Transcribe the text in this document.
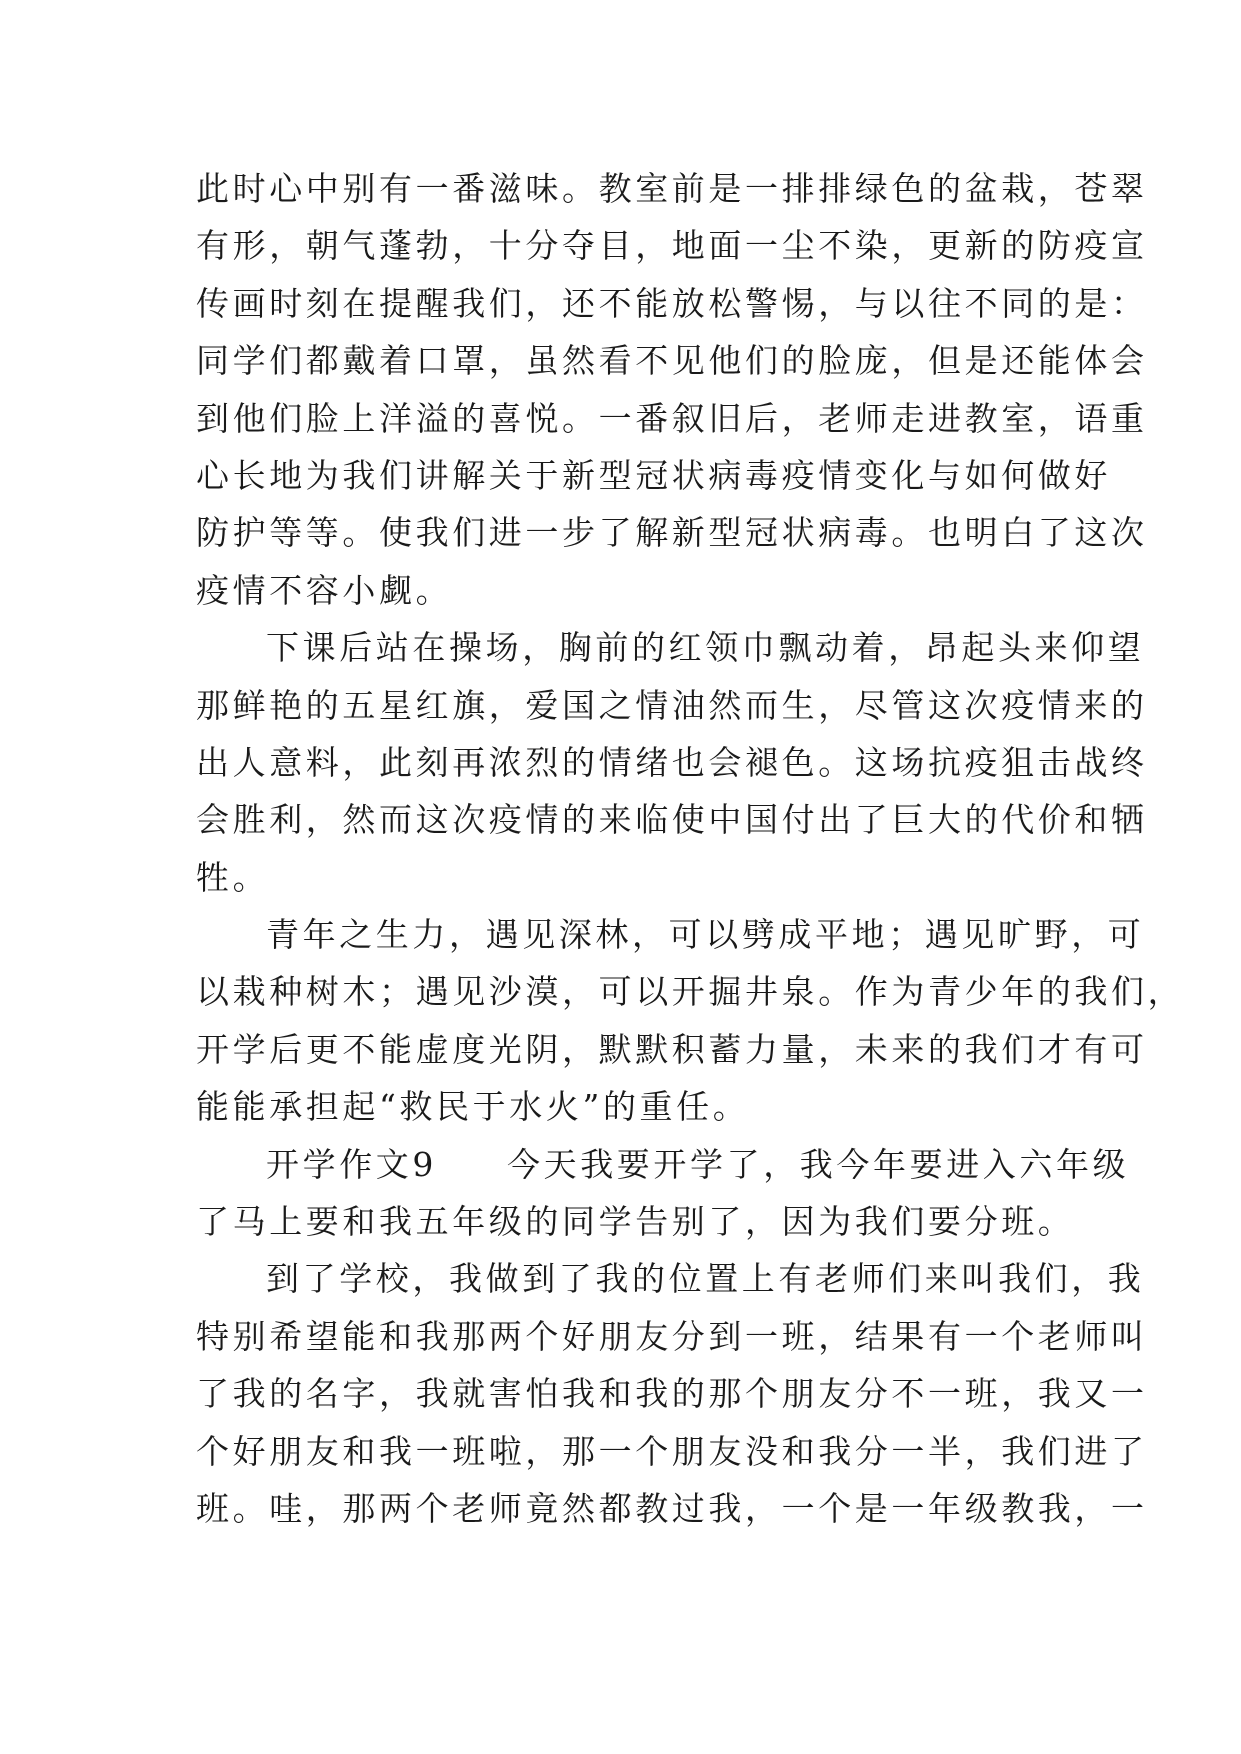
此时心中别有一番滋味。教室前是一排排绿色的盆栽，苍翠
有形，朝气蓬勃，十分夺目，地面一尘不染，更新的防疫宣
传画时刻在提醒我们，还不能放松警惕，与以往不同的是：
同学们都戴着口罩，虽然看不见他们的脸庞，但是还能体会
到他们脸上洋溢的喜悦。一番叙旧后，老师走进教室，语重
心长地为我们讲解关于新型冠状病毒疫情变化与如何做好
防护等等。使我们进一步了解新型冠状病毒。也明白了这次
疫情不容小觑。
下课后站在操场，胸前的红领巾飘动着，昂起头来仰望
那鲜艳的五星红旗，爱国之情油然而生，尽管这次疫情来的
出人意料，此刻再浓烈的情绪也会褪色。这场抗疫狙击战终
会胜利，然而这次疫情的来临使中国付出了巨大的代价和牺
牲。
青年之生力，遇见深林，可以劈成平地；遇见旷野，可
以栽种树木；遇见沙漠，可以开掘井泉。作为青少年的我们，
开学后更不能虚度光阴，默默积蓄力量，未来的我们才有可
能能承担起“救民于水火”的重任。
开学作文9 今天我要开学了，我今年要进入六年级
了马上要和我五年级的同学告别了，因为我们要分班。
到了学校，我做到了我的位置上有老师们来叫我们，我
特别希望能和我那两个好朋友分到一班，结果有一个老师叫
了我的名字，我就害怕我和我的那个朋友分不一班，我又一
个好朋友和我一班啦，那一个朋友没和我分一半，我们进了
班。哇，那两个老师竟然都教过我，一个是一年级教我，一
